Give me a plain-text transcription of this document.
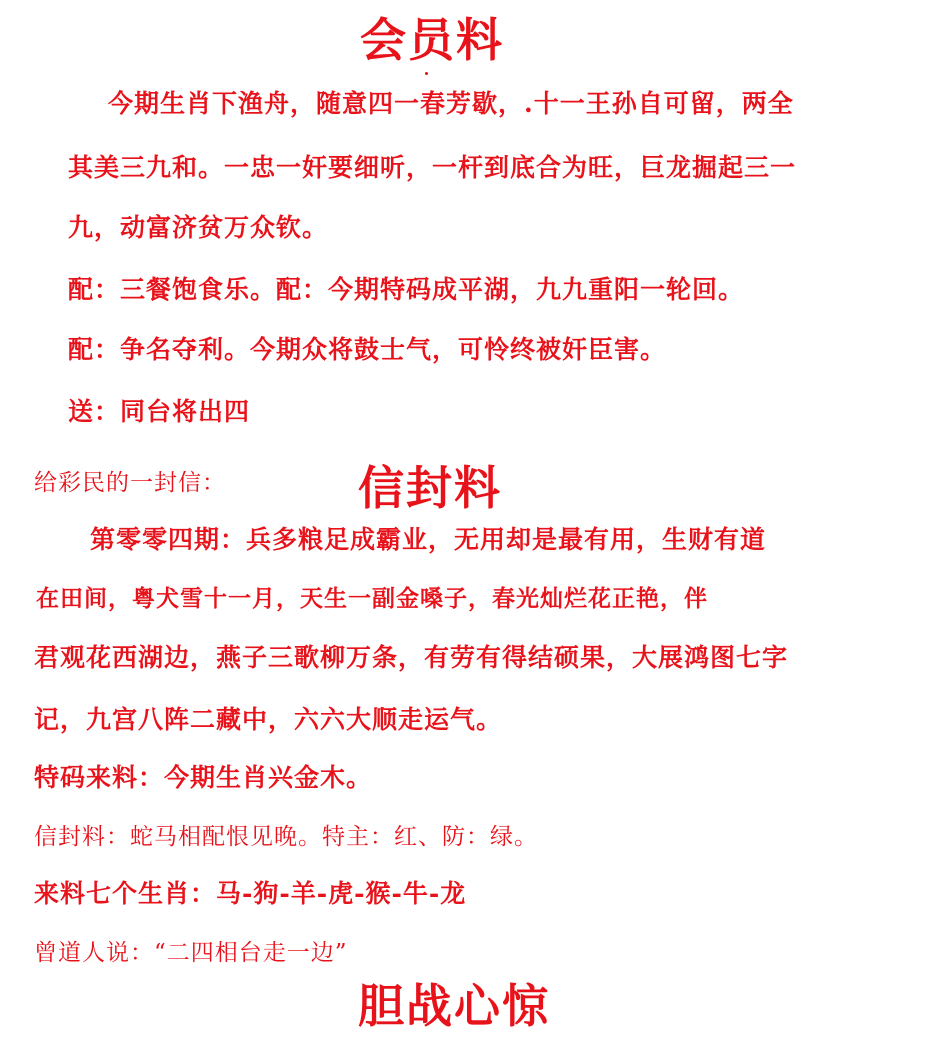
会员料
今期生肖下渔舟，随意四一春芳歇，.十一王孙自可留，两全
其美三九和。一忠一奸要细听，一杆到底合为旺，巨龙掘起三一
九，动富济贫万众钦。
配：三餐饱食乐。配：今期特码成平湖，九九重阳一轮回。
配：争名夺利。今期众将鼓士气，可怜终被奸臣害。
送：同台将出四
给彩民的一封信：	信封料
第零零四期：兵多粮足成霸业，无用却是最有用，生财有道
在田间，粤犬雪十一月，天生一副金嗓子，春光灿烂花正艳，伴
君观花西湖边，燕子三歌柳万条，有劳有得结硕果，大展鸿图七字
记，九宫八阵二藏中，六六大顺走运气。
特码来料：今期生肖兴金木。
信封料：蛇马相配恨见晚。特主：红、防：绿。
来料七个生肖：马-狗-羊-虎-猴-牛-龙
曾道人说：“二四相台走一边”
胆战心惊
